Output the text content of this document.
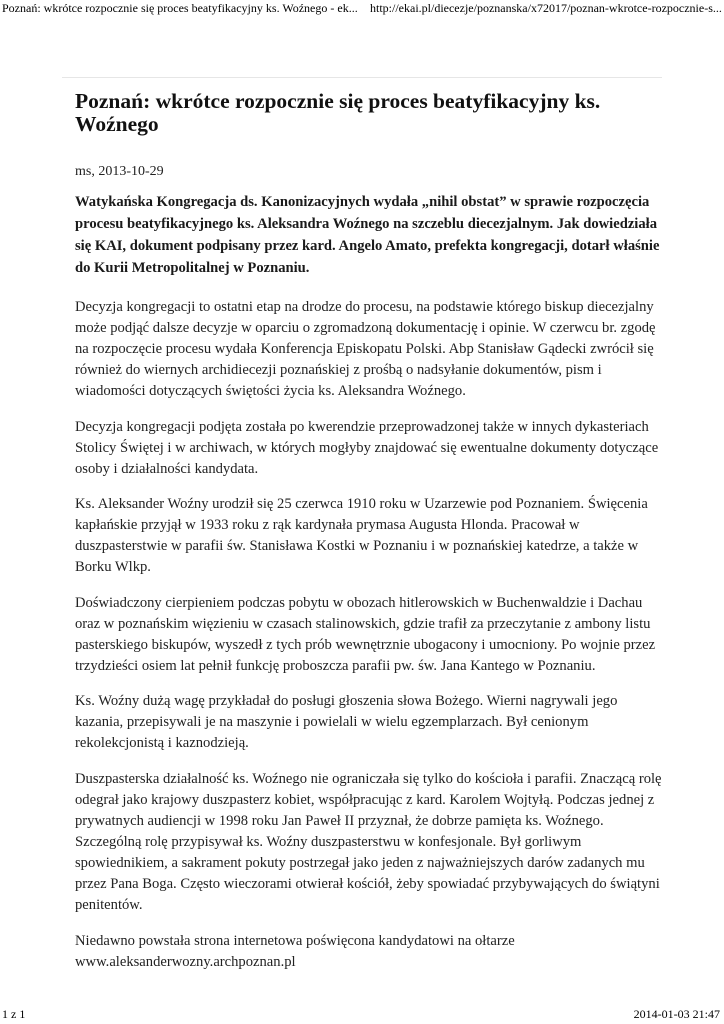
Poznań: wkrótce rozpocznie się proces beatyfikacyjny ks. Woźnego - ek... http://ekai.pl/diecezje/poznanska/x72017/poznan-wkrotce-rozpocznie-s...
Poznań: wkrótce rozpocznie się proces beatyfikacyjny ks. Woźnego
ms, 2013-10-29
Watykańska Kongregacja ds. Kanonizacyjnych wydała „nihil obstat” w sprawie rozpoczęcia procesu beatyfikacyjnego ks. Aleksandra Woźnego na szczeblu diecezjalnym. Jak dowiedziała się KAI, dokument podpisany przez kard. Angelo Amato, prefekta kongregacji, dotarł właśnie do Kurii Metropolitalnej w Poznaniu.

Decyzja kongregacji to ostatni etap na drodze do procesu, na podstawie którego biskup diecezjalny może podjąć dalsze decyzje w oparciu o zgromadzoną dokumentację i opinie. W czerwcu br. zgodę na rozpoczęcie procesu wydała Konferencja Episkopatu Polski. Abp Stanisław Gądecki zwrócił się również do wiernych archidiecezji poznańskiej z prośbą o nadsyłanie dokumentów, pism i wiadomości dotyczących świętości życia ks. Aleksandra Woźnego.

Decyzja kongregacji podjęta została po kwerendzie przeprowadzonej także w innych dykasteriach Stolicy Świętej i w archiwach, w których mogłyby znajdować się ewentualne dokumenty dotyczące osoby i działalności kandydata.

Ks. Aleksander Woźny urodził się 25 czerwca 1910 roku w Uzarzewie pod Poznaniem. Święcenia kapłańskie przyjął w 1933 roku z rąk kardynała prymasa Augusta Hlonda. Pracował w duszpasterstwie w parafii św. Stanisława Kostki w Poznaniu i w poznańskiej katedrze, a także w Borku Wlkp.

Doświadczony cierpieniem podczas pobytu w obozach hitlerowskich w Buchenwaldzie i Dachau oraz w poznańskim więzieniu w czasach stalinowskich, gdzie trafił za przeczytanie z ambony listu pasterskiego biskupów, wyszedł z tych prób wewnętrznie ubogacony i umocniony. Po wojnie przez trzydzieści osiem lat pełnił funkcję proboszcza parafii pw. św. Jana Kantego w Poznaniu.

Ks. Woźny dużą wagę przykładał do posługi głoszenia słowa Bożego. Wierni nagrywali jego kazania, przepisywali je na maszynie i powielali w wielu egzemplarzach. Był cenionym rekolekcjonistą i kaznodzieją.

Duszpasterska działalność ks. Woźnego nie ograniczała się tylko do kościoła i parafii. Znaczącą rolę odegrał jako krajowy duszpasterz kobiet, współpracując z kard. Karolem Wojtyłą. Podczas jednej z prywatnych audiencji w 1998 roku Jan Paweł II przyznał, że dobrze pamięta ks. Woźnego. Szczególną rolę przypisywał ks. Woźny duszpasterstwu w konfesjonale. Był gorliwym spowiednikiem, a sakrament pokuty postrzegał jako jeden z najważniejszych darów zadanych mu przez Pana Boga. Często wieczorami otwierał kościół, żeby spowiadać przybywających do świątyni penitentów.

Niedawno powstała strona internetowa poświęcona kandydatowi na ołtarze www.aleksanderwozny.archpoznan.pl

1 z 1	2014-01-03 21:47
